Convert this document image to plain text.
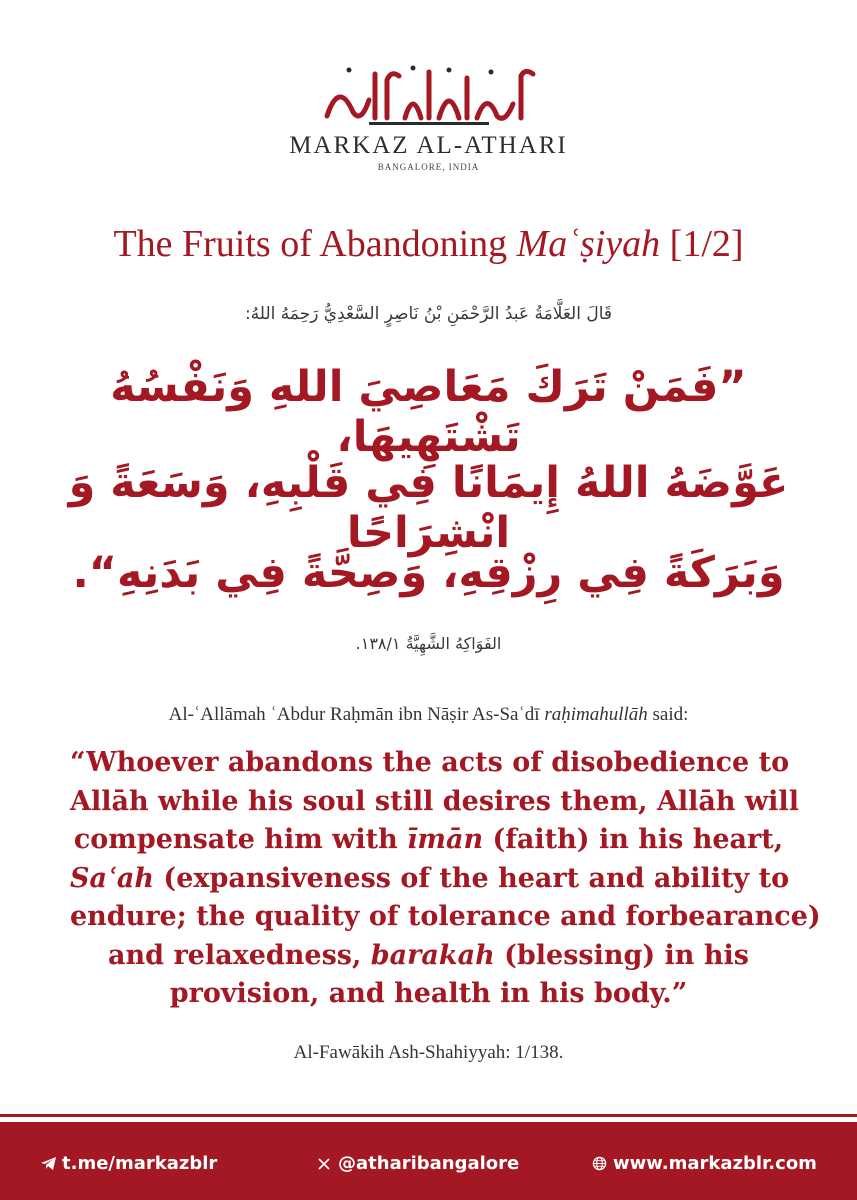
MARKAZ AL-ATHARI
BANGALORE, INDIA
The Fruits of Abandoning Maʿṣiyah [1/2]
قَالَ العَلَّامَةُ عَبدُ الرَّحْمَنِ بْنُ نَاصِرٍ السَّعْدِيُّ رَحِمَهُ اللهُ:
”فَمَنْ تَرَكَ مَعَاصِيَ اللهِ وَنَفْسُهُ تَشْتَهِيهَا،
عَوَّضَهُ اللهُ إِيمَانًا فِي قَلْبِهِ، وَسَعَةً وَ انْشِرَاحًا
وَبَرَكَةً فِي رِزْقِهِ، وَصِحَّةً فِي بَدَنِهِ“.
الفَوَاكِهُ الشَّهِيَّةُ ١٣٨/١.
Al-ʿAllāmah ʿAbdur Raḥmān ibn Nāṣir As-Saʿdī raḥimahullāh said:
“Whoever abandons the acts of disobedience to
Allāh while his soul still desires them, Allāh will
compensate him with īmān (faith) in his heart,
Saʿah (expansiveness of the heart and ability to
endure; the quality of tolerance and forbearance)
and relaxedness, barakah (blessing) in his
provision, and health in his body.”
Al-Fawākih Ash-Shahiyyah: 1/138.
t.me/markazblr	@atharibangalore	www.markazblr.com
